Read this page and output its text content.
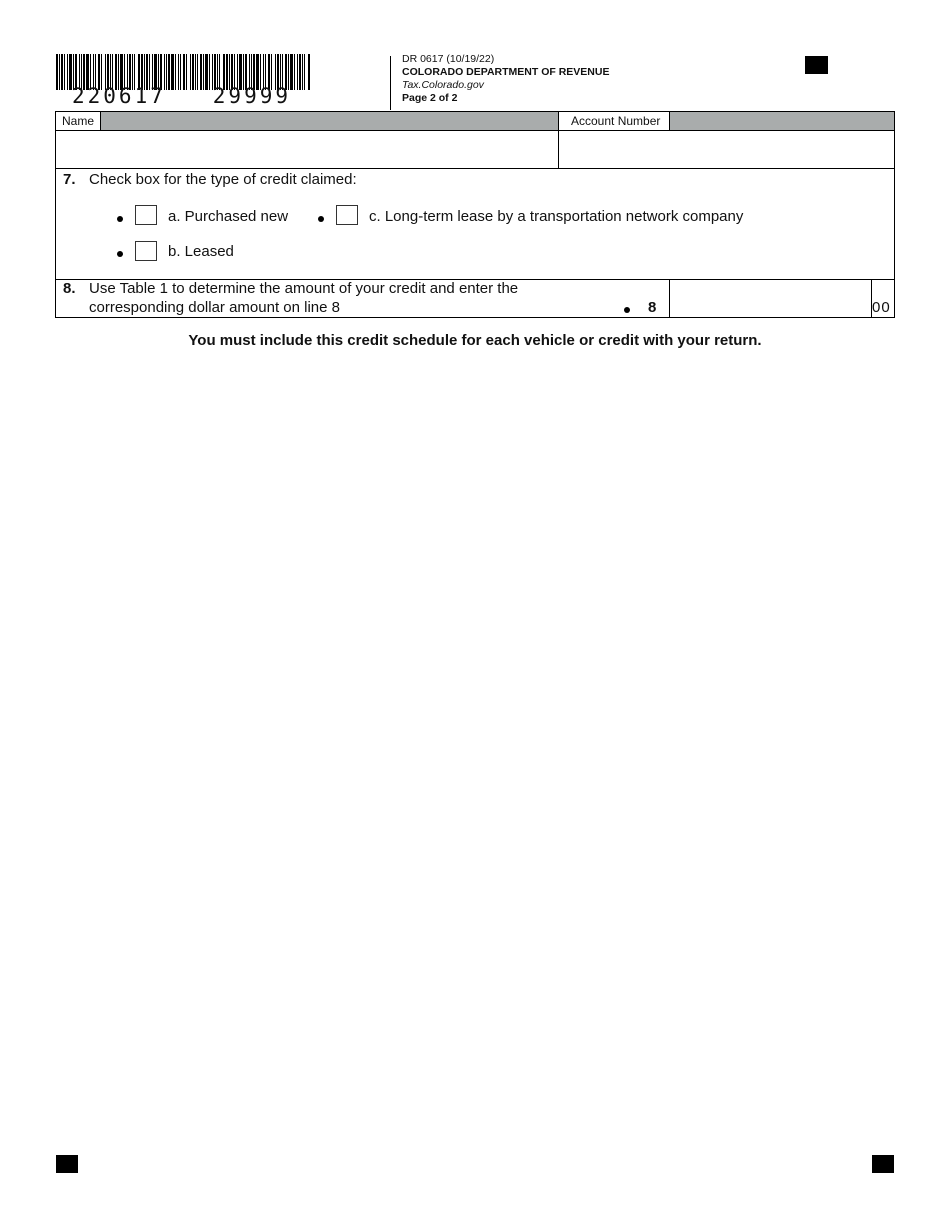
220617   29999
DR 0617 (10/19/22)
COLORADO DEPARTMENT OF REVENUE
Tax.Colorado.gov
Page 2 of 2
Name	Account Number
7. Check box for the type of credit claimed:
a. Purchased new	c. Long-term lease by a transportation network company
b. Leased
8. Use Table 1 to determine the amount of your credit and enter the
corresponding dollar amount on line 8	8	00
You must include this credit schedule for each vehicle or credit with your return.
